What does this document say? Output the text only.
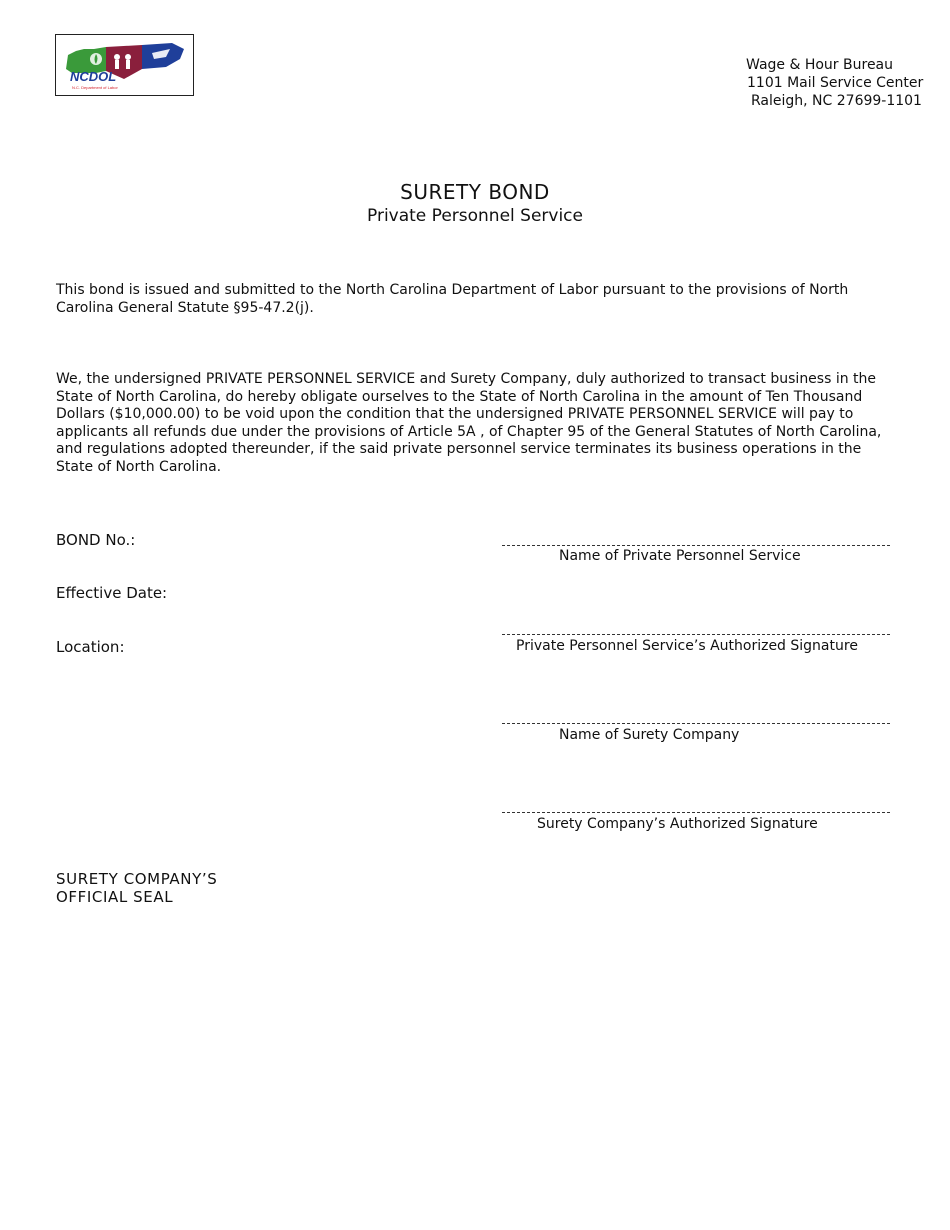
NCDOL
N.C. Department of Labor
Wage & Hour Bureau
1101 Mail Service Center
Raleigh, NC 27699-1101
SURETY BOND
Private Personnel Service

This bond is issued and submitted to the North Carolina Department of Labor pursuant to the provisions of North Carolina General Statute §95-47.2(j).

We, the undersigned PRIVATE PERSONNEL SERVICE and Surety Company, duly authorized to transact business in the State of North Carolina, do hereby obligate ourselves to the State of North Carolina in the amount of Ten Thousand Dollars ($10,000.00) to be void upon the condition that the undersigned PRIVATE PERSONNEL SERVICE will pay to applicants all refunds due under the provisions of Article 5A , of Chapter 95 of the General Statutes of North Carolina, and regulations adopted thereunder, if the said private personnel service terminates its business operations in the State of North Carolina.

BOND No.:
Effective Date:
Location:
Name of Private Personnel Service
Private Personnel Service’s Authorized Signature
Name of Surety Company
Surety Company’s Authorized Signature
SURETY COMPANY’S
OFFICIAL SEAL
